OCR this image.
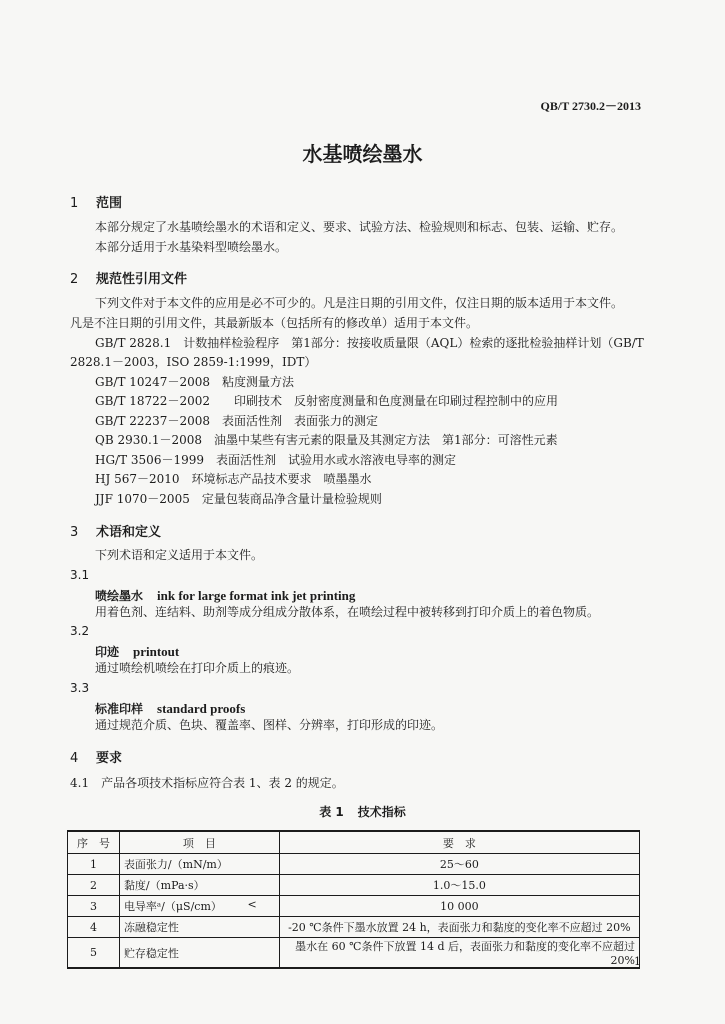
QB/T 2730.2－2013
水基喷绘墨水
1 范围
本部分规定了水基喷绘墨水的术语和定义、要求、试验方法、检验规则和标志、包装、运输、贮存。
本部分适用于水基染料型喷绘墨水。
2 规范性引用文件
下列文件对于本文件的应用是必不可少的。凡是注日期的引用文件，仅注日期的版本适用于本文件。
凡是不注日期的引用文件，其最新版本（包括所有的修改单）适用于本文件。
GB/T 2828.1　计数抽样检验程序　第1部分：按接收质量限（AQL）检索的逐批检验抽样计划（GB/T
2828.1－2003，ISO 2859-1:1999，IDT）
GB/T 10247－2008　粘度测量方法
GB/T 18722－2002　　印刷技术　反射密度测量和色度测量在印刷过程控制中的应用
GB/T 22237－2008　表面活性剂　表面张力的测定
QB 2930.1－2008　油墨中某些有害元素的限量及其测定方法　第1部分：可溶性元素
HG/T 3506－1999　表面活性剂　试验用水或水溶液电导率的测定
HJ 567－2010　环境标志产品技术要求　喷墨墨水
JJF 1070－2005　定量包装商品净含量计量检验规则
3 术语和定义
下列术语和定义适用于本文件。
3.1
喷绘墨水 ink for large format ink jet printing
用着色剂、连结料、助剂等成分组成分散体系，在喷绘过程中被转移到打印介质上的着色物质。
3.2
印迹 printout
通过喷绘机喷绘在打印介质上的痕迹。
3.3
标准印样 standard proofs
通过规范介质、色块、覆盖率、图样、分辨率，打印形成的印迹。
4 要求
4.1　产品各项技术指标应符合表 1、表 2 的规定。
表 1 技术指标
序　号	项　目	要　求
1	表面张力/（mN/m）	25～60
2	黏度/（mPa·s）	1.0～15.0
3	电导率ᵃ/（μS/cm） <	10 000
4	冻融稳定性	-20 ℃条件下墨水放置 24 h，表面张力和黏度的变化率不应超过 20%
5	贮存稳定性	墨水在 60 ℃条件下放置 14 d 后，表面张力和黏度的变化率不应超过 20% 1
